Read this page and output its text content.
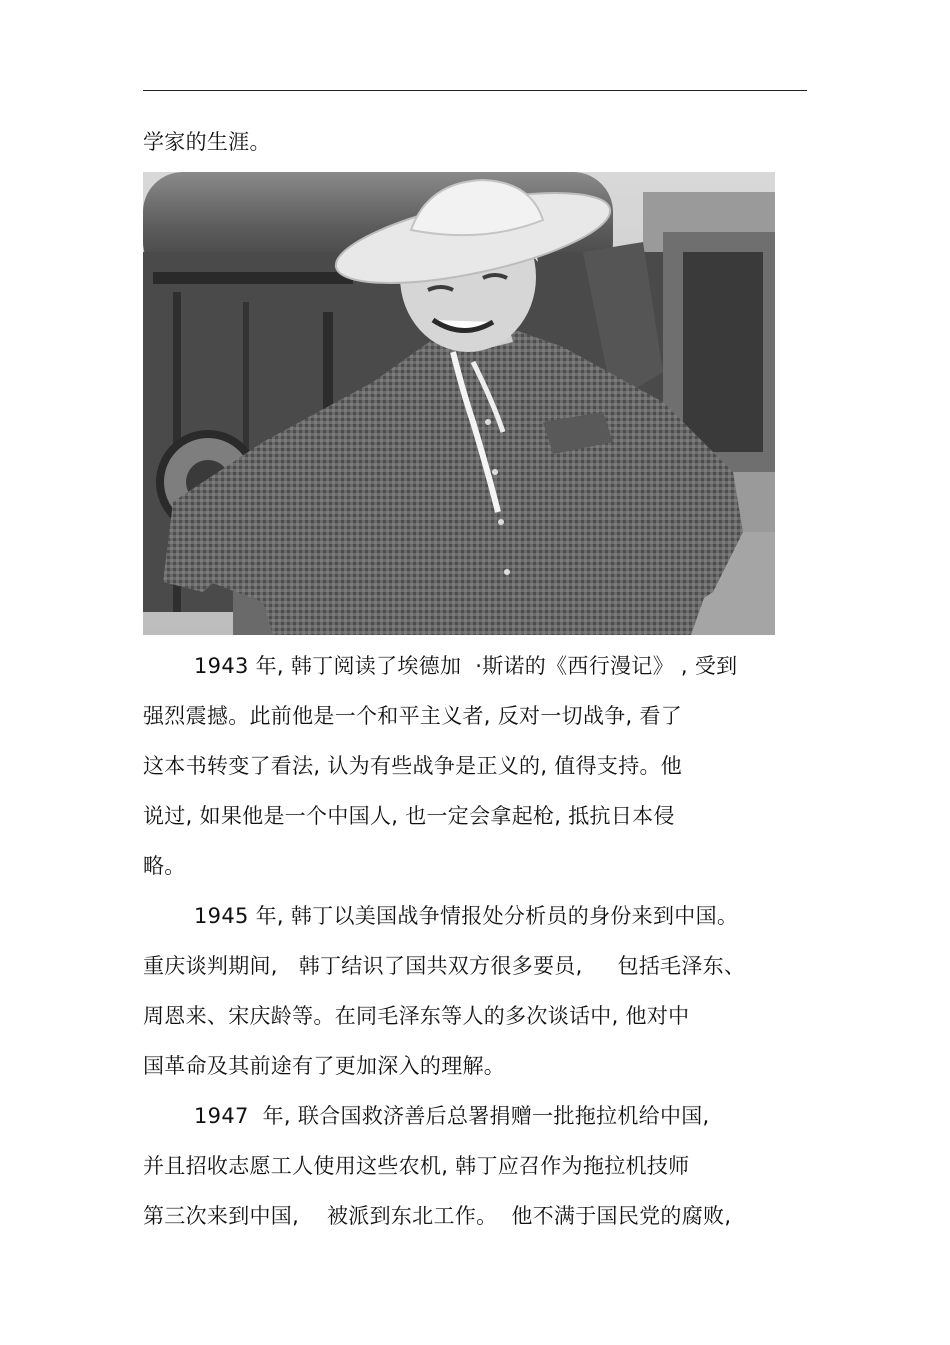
学家的生涯。
1943 年, 韩丁阅读了埃德加  ·斯诺的《西行漫记》 , 受到
强烈震撼。此前他是一个和平主义者, 反对一切战争, 看了
这本书转变了看法, 认为有些战争是正义的, 值得支持。他
说过, 如果他是一个中国人, 也一定会拿起枪, 抵抗日本侵
略。
1945 年, 韩丁以美国战争情报处分析员的身份来到中国。
重庆谈判期间,   韩丁结识了国共双方很多要员,     包括毛泽东、
周恩来、宋庆龄等。在同毛泽东等人的多次谈话中, 他对中
国革命及其前途有了更加深入的理解。
1947  年, 联合国救济善后总署捐赠一批拖拉机给中国,
并且招收志愿工人使用这些农机, 韩丁应召作为拖拉机技师
第三次来到中国,    被派到东北工作。  他不满于国民党的腐败,
